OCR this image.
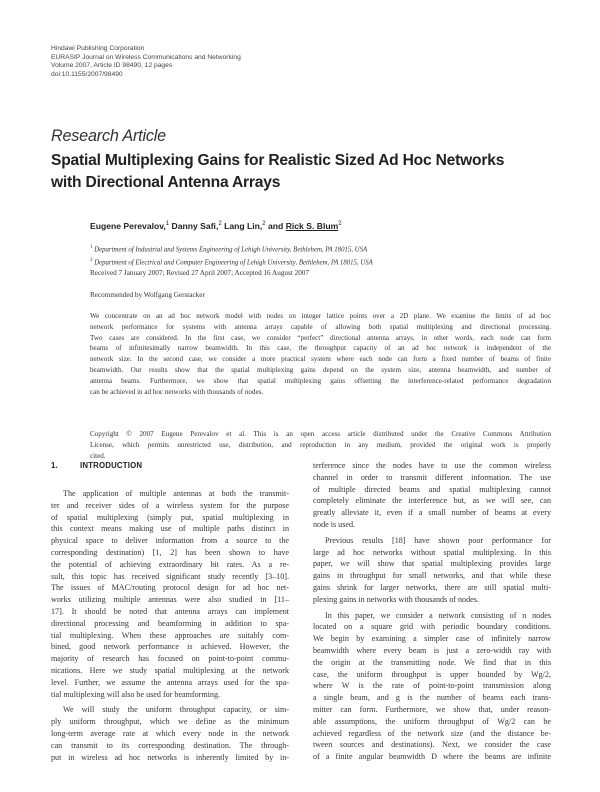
Hindawi Publishing Corporation
EURASIP Journal on Wireless Communications and Networking
Volume 2007, Article ID 98490, 12 pages
doi:10.1155/2007/98490
Research Article
Spatial Multiplexing Gains for Realistic Sized Ad Hoc Networks
with Directional Antenna Arrays
Eugene Perevalov,$^1$ Danny Safi,$^2$ Lang Lin,$^2$ and Rick S. Blum$^2$
$^1$ Department of Industrial and Systems Engineering of Lehigh University, Bethlehem, PA 18015, USA
$^2$ Department of Electrical and Computer Engineering of Lehigh University, Bethlehem, PA 18015, USA
Received 7 January 2007; Revised 27 April 2007; Accepted 16 August 2007
Recommended by Wolfgang Gerstacker
We concentrate on an ad hoc network model with nodes on integer lattice points over a 2D plane. We examine the limits of ad hoc
network performance for systems with antenna arrays capable of allowing both spatial multiplexing and directional processing.
Two cases are considered. In the first case, we consider “perfect” directional antenna arrays, in other words, each node can form
beams of infinitesimally narrow beamwidth. In this case, the throughput capacity of an ad hoc network is independent of the
network size. In the second case, we consider a more practical system where each node can form a fixed number of beams of finite
beamwidth. Our results show that the spatial multiplexing gains depend on the system size, antenna beamwidth, and number of
antenna beams. Furthermore, we show that spatial multiplexing gains offsetting the interference-related performance degradation
can be achieved in ad hoc networks with thousands of nodes.
Copyright © 2007 Eugene Perevalov et al. This is an open access article distributed under the Creative Commons Attribution
License, which permits unrestricted use, distribution, and reproduction in any medium, provided the original work is properly
cited.
1.	INTRODUCTION
The application of multiple antennas at both the transmit-
ter and receiver sides of a wireless system for the purpose
of spatial multiplexing (simply put, spatial multiplexing in
this context means making use of multiple paths distinct in
physical space to deliver information from a source to the
corresponding destination) [1, 2] has been shown to have
the potential of achieving extraordinary bit rates. As a re-
sult, this topic has received significant study recently [3–10].
The issues of MAC/routing protocol design for ad hoc net-
works utilizing multiple antennas were also studied in [11–
17]. It should be noted that antenna arrays can implement
directional processing and beamforming in addition to spa-
tial multiplexing. When these approaches are suitably com-
bined, good network performance is achieved. However, the
majority of research has focused on point-to-point commu-
nications. Here we study spatial multiplexing at the network
level. Further, we assume the antenna arrays used for the spa-
tial multiplexing will also be used for beamforming.
We will study the uniform throughput capacity, or sim-
ply uniform throughput, which we define as the minimum
long-term average rate at which every node in the network
can transmit to its corresponding destination. The through-
put in wireless ad hoc networks is inherently limited by in-
terference since the nodes have to use the common wireless
channel in order to transmit different information. The use
of multiple directed beams and spatial multiplexing cannot
completely eliminate the interference but, as we will see, can
greatly alleviate it, even if a small number of beams at every
node is used.
Previous results [18] have shown poor performance for
large ad hoc networks without spatial multiplexing. In this
paper, we will show that spatial multiplexing provides large
gains in throughput for small networks, and that while these
gains shrink for larger networks, there are still spatial multi-
plexing gains in networks with thousands of nodes.
In this paper, we consider a network consisting of n nodes
located on a square grid with periodic boundary conditions.
We begin by examining a simpler case of infinitely narrow
beamwidth where every beam is just a zero-width ray with
the origin at the transmitting node. We find that in this
case, the uniform throughput is upper bounded by Wg/2,
where W is the rate of point-to-point transmission along
a single beam, and g is the number of beams each trans-
mitter can form. Furthermore, we show that, under reason-
able assumptions, the uniform throughput of Wg/2 can be
achieved regardless of the network size (and the distance be-
tween sources and destinations). Next, we consider the case
of a finite angular beamwidth D where the beams are infinite
